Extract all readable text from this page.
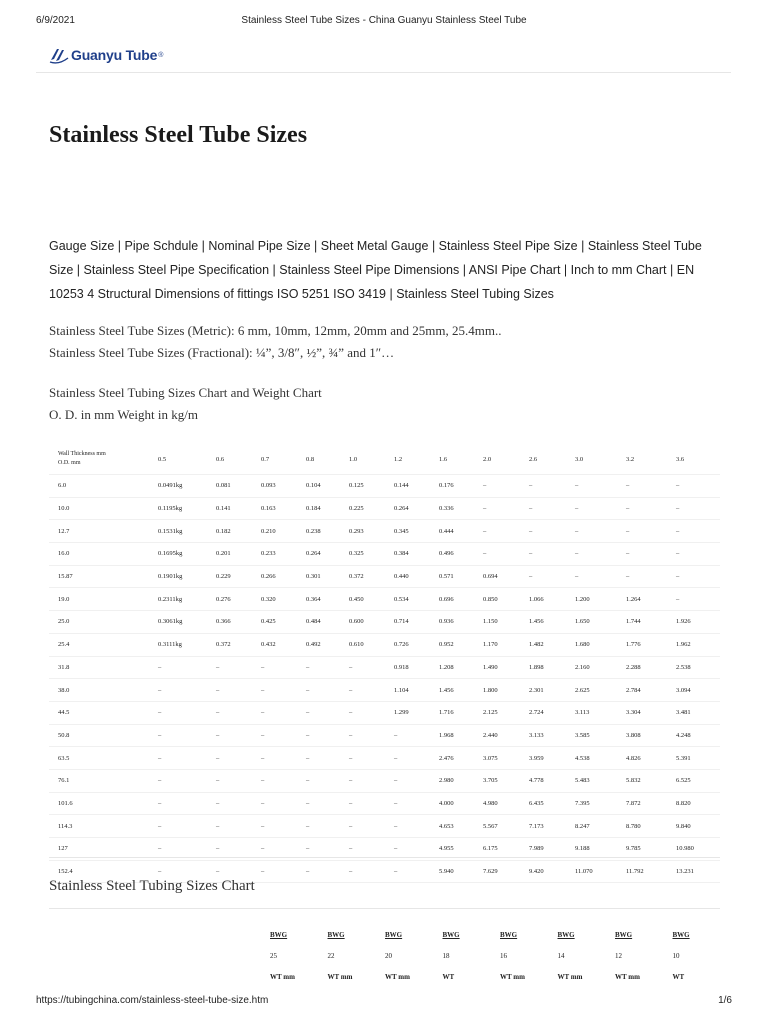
6/9/2021	Stainless Steel Tube Sizes - China Guanyu Stainless Steel Tube
Guanyu Tube ®
Stainless Steel Tube Sizes

Gauge Size | Pipe Schdule | Nominal Pipe Size | Sheet Metal Gauge | Stainless Steel Pipe Size | Stainless Steel Tube Size | Stainless Steel Pipe Specification | Stainless Steel Pipe Dimensions | ANSI Pipe Chart | Inch to mm Chart | EN 10253 4 Structural Dimensions of fittings ISO 5251 ISO 3419 | Stainless Steel Tubing Sizes

Stainless Steel Tube Sizes (Metric): 6 mm, 10mm, 12mm, 20mm and 25mm, 25.4mm..
Stainless Steel Tube Sizes (Fractional): ¼”, 3/8″, ½”, ¾” and 1″…

Stainless Steel Tubing Sizes Chart and Weight Chart
O. D. in mm Weight in kg/m

Wall Thickness mm
O.D. mm	0.5	0.6	0.7	0.8	1.0	1.2	1.6	2.0	2.6	3.0	3.2	3.6
6.0	0.0491kg	0.081	0.093	0.104	0.125	0.144	0.176	–	–	–	–	–
10.0	0.1195kg	0.141	0.163	0.184	0.225	0.264	0.336	–	–	–	–	–
12.7	0.1531kg	0.182	0.210	0.238	0.293	0.345	0.444	–	–	–	–	–
16.0	0.1695kg	0.201	0.233	0.264	0.325	0.384	0.496	–	–	–	–	–
15.87	0.1901kg	0.229	0.266	0.301	0.372	0.440	0.571	0.694	–	–	–	–
19.0	0.2311kg	0.276	0.320	0.364	0.450	0.534	0.696	0.850	1.066	1.200	1.264	–
25.0	0.3061kg	0.366	0.425	0.484	0.600	0.714	0.936	1.150	1.456	1.650	1.744	1.926
25.4	0.3111kg	0.372	0.432	0.492	0.610	0.726	0.952	1.170	1.482	1.680	1.776	1.962
31.8	–	–	–	–	–	0.918	1.208	1.490	1.898	2.160	2.288	2.538
38.0	–	–	–	–	–	1.104	1.456	1.800	2.301	2.625	2.784	3.094
44.5	–	–	–	–	–	1.299	1.716	2.125	2.724	3.113	3.304	3.481
50.8	–	–	–	–	–	–	1.968	2.440	3.133	3.585	3.808	4.248
63.5	–	–	–	–	–	–	2.476	3.075	3.959	4.538	4.826	5.391
76.1	–	–	–	–	–	–	2.980	3.705	4.778	5.483	5.832	6.525
101.6	–	–	–	–	–	–	4.000	4.980	6.435	7.395	7.872	8.820
114.3	–	–	–	–	–	–	4.653	5.567	7.173	8.247	8.780	9.840
127	–	–	–	–	–	–	4.955	6.175	7.989	9.188	9.785	10.980
152.4	–	–	–	–	–	–	5.940	7.629	9.420	11.070	11.792	13.231
Stainless Steel Tubing Sizes Chart
BWG	BWG	BWG	BWG	BWG	BWG	BWG	BWG
25	22	20	18	16	14	12	10
WT mm	WT mm	WT mm	WT	WT mm	WT mm	WT mm	WT
https://tubingchina.com/stainless-steel-tube-size.htm	1/6
